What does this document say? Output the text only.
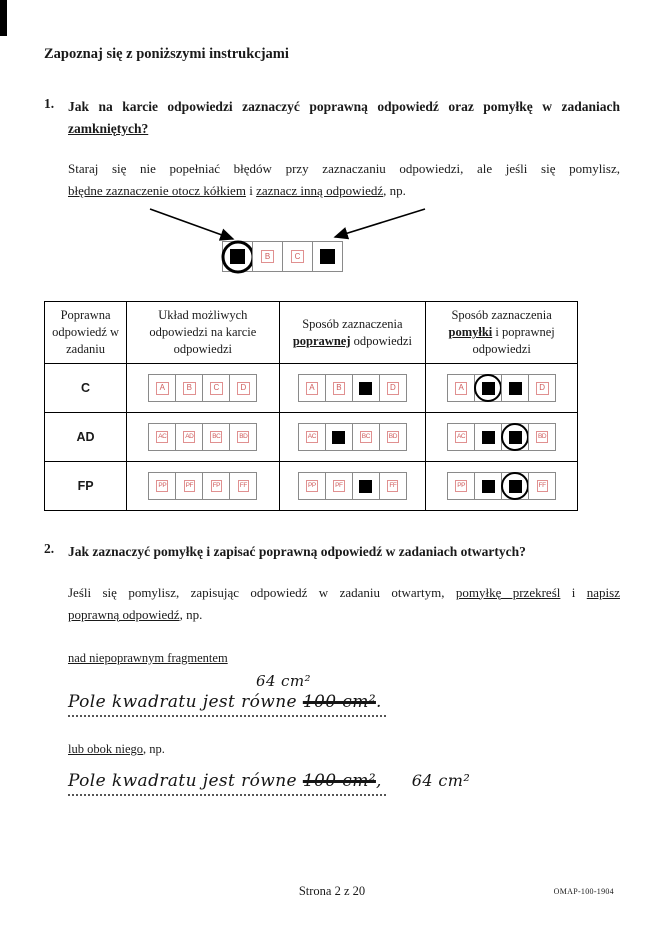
Zapoznaj się z poniższymi instrukcjami
1.	Jak na karcie odpowiedzi zaznaczyć poprawną odpowiedź oraz pomyłkę w zadaniach
zamkniętych?
Staraj się nie popełniać błędów przy zaznaczaniu odpowiedzi, ale jeśli się pomylisz,
błędne zaznaczenie otocz kółkiem i zaznacz inną odpowiedź, np.
B	C
Poprawna odpowiedź w zadaniu	Układ możliwych odpowiedzi na karcie odpowiedzi	Sposób zaznaczenia poprawnej odpowiedzi	Sposób zaznaczenia pomyłki i poprawnej odpowiedzi
C	A B C D	A B D	A D

AD	AC AD BC BD	AC BC BD	AC BD

FP	PP PF FP FF	PP PF FF	PP FF
2.	Jak zaznaczyć pomyłkę i zapisać poprawną odpowiedź w zadaniach otwartych?
Jeśli się pomylisz, zapisując odpowiedź w zadaniu otwartym, pomyłkę przekreśl i napisz
poprawną odpowiedź, np.
nad niepoprawnym fragmentem
64 cm²
Pole kwadratu jest równe 100 cm².
lub obok niego, np.
Pole kwadratu jest równe 100 cm², 64 cm²
Strona 2 z 20	OMAP-100-1904
